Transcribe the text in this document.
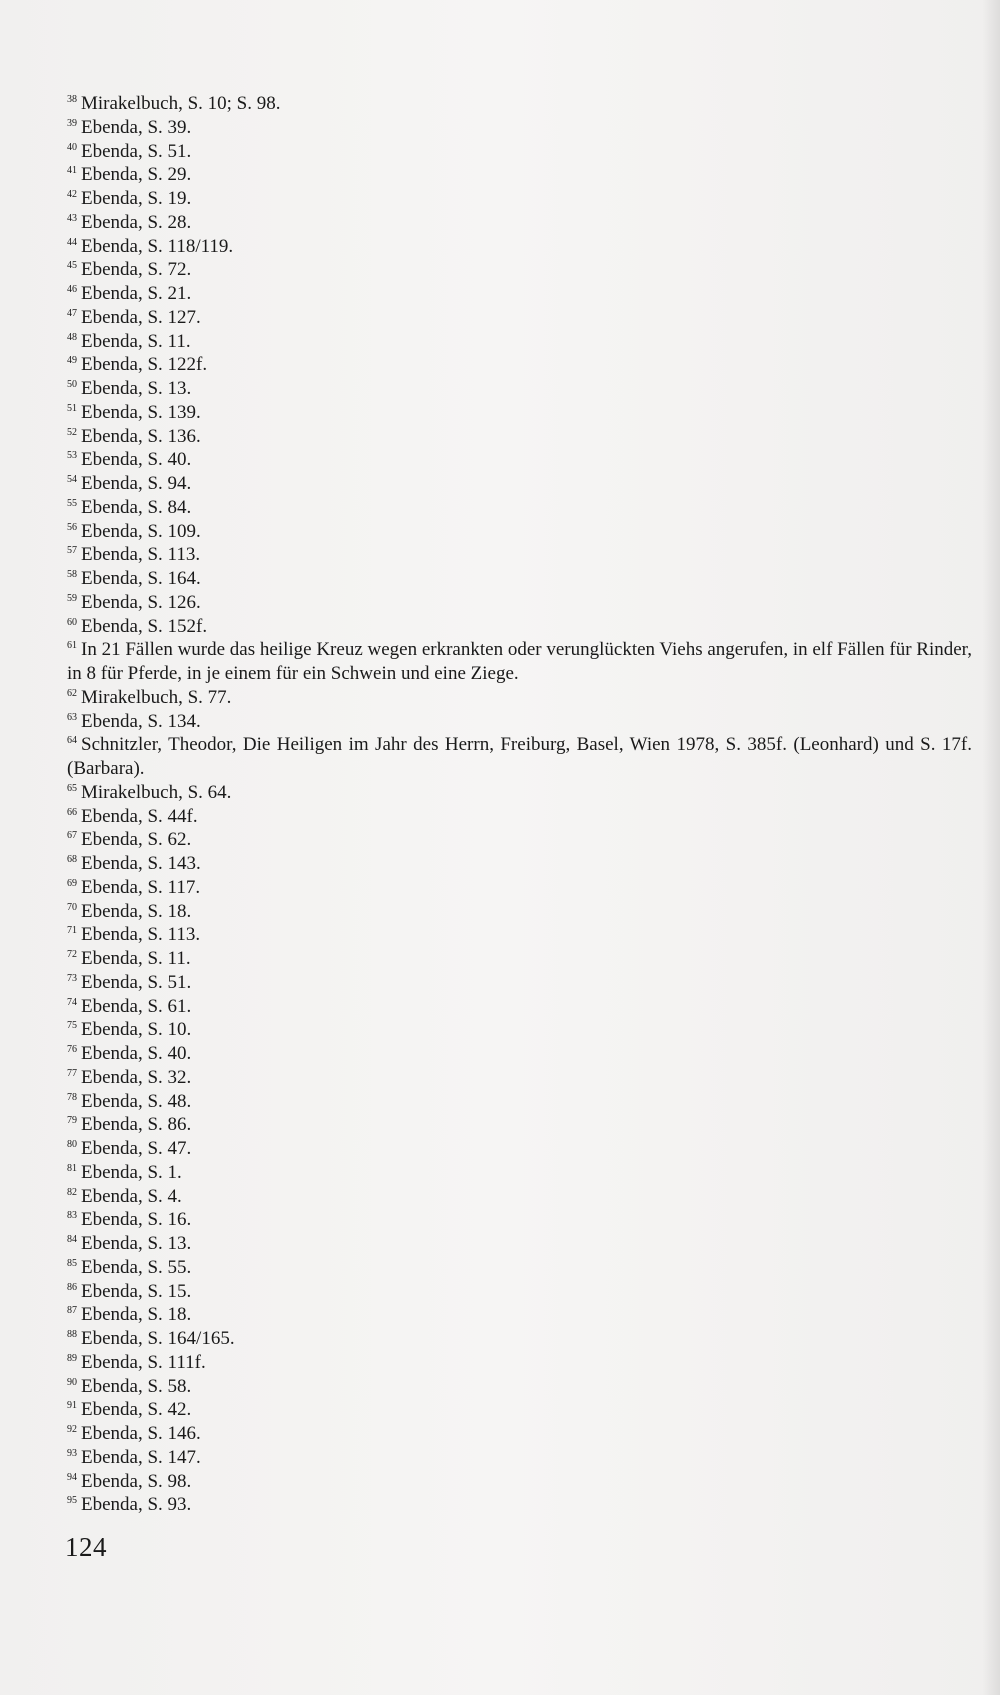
$^{38}$ Mirakelbuch, S. 10; S. 98.

$^{39}$ Ebenda, S. 39.

$^{40}$ Ebenda, S. 51.

$^{41}$ Ebenda, S. 29.

$^{42}$ Ebenda, S. 19.

$^{43}$ Ebenda, S. 28.

$^{44}$ Ebenda, S. 118/119.

$^{45}$ Ebenda, S. 72.

$^{46}$ Ebenda, S. 21.

$^{47}$ Ebenda, S. 127.

$^{48}$ Ebenda, S. 11.

$^{49}$ Ebenda, S. 122f.

$^{50}$ Ebenda, S. 13.

$^{51}$ Ebenda, S. 139.

$^{52}$ Ebenda, S. 136.

$^{53}$ Ebenda, S. 40.

$^{54}$ Ebenda, S. 94.

$^{55}$ Ebenda, S. 84.

$^{56}$ Ebenda, S. 109.

$^{57}$ Ebenda, S. 113.

$^{58}$ Ebenda, S. 164.

$^{59}$ Ebenda, S. 126.

$^{60}$ Ebenda, S. 152f.

$^{61}$ In 21 Fällen wurde das heilige Kreuz wegen erkrankten oder verunglückten Viehs angerufen, in elf Fällen für Rinder, in 8 für Pferde, in je einem für ein Schwein und eine Ziege.

$^{62}$ Mirakelbuch, S. 77.

$^{63}$ Ebenda, S. 134.

$^{64}$ Schnitzler, Theodor, Die Heiligen im Jahr des Herrn, Freiburg, Basel, Wien 1978, S. 385f. (Leonhard) und S. 17f. (Barbara).

$^{65}$ Mirakelbuch, S. 64.

$^{66}$ Ebenda, S. 44f.

$^{67}$ Ebenda, S. 62.

$^{68}$ Ebenda, S. 143.

$^{69}$ Ebenda, S. 117.

$^{70}$ Ebenda, S. 18.

$^{71}$ Ebenda, S. 113.

$^{72}$ Ebenda, S. 11.

$^{73}$ Ebenda, S. 51.

$^{74}$ Ebenda, S. 61.

$^{75}$ Ebenda, S. 10.

$^{76}$ Ebenda, S. 40.

$^{77}$ Ebenda, S. 32.

$^{78}$ Ebenda, S. 48.

$^{79}$ Ebenda, S. 86.

$^{80}$ Ebenda, S. 47.

$^{81}$ Ebenda, S. 1.

$^{82}$ Ebenda, S. 4.

$^{83}$ Ebenda, S. 16.

$^{84}$ Ebenda, S. 13.

$^{85}$ Ebenda, S. 55.

$^{86}$ Ebenda, S. 15.

$^{87}$ Ebenda, S. 18.

$^{88}$ Ebenda, S. 164/165.

$^{89}$ Ebenda, S. 111f.

$^{90}$ Ebenda, S. 58.

$^{91}$ Ebenda, S. 42.

$^{92}$ Ebenda, S. 146.

$^{93}$ Ebenda, S. 147.

$^{94}$ Ebenda, S. 98.

$^{95}$ Ebenda, S. 93.

124
